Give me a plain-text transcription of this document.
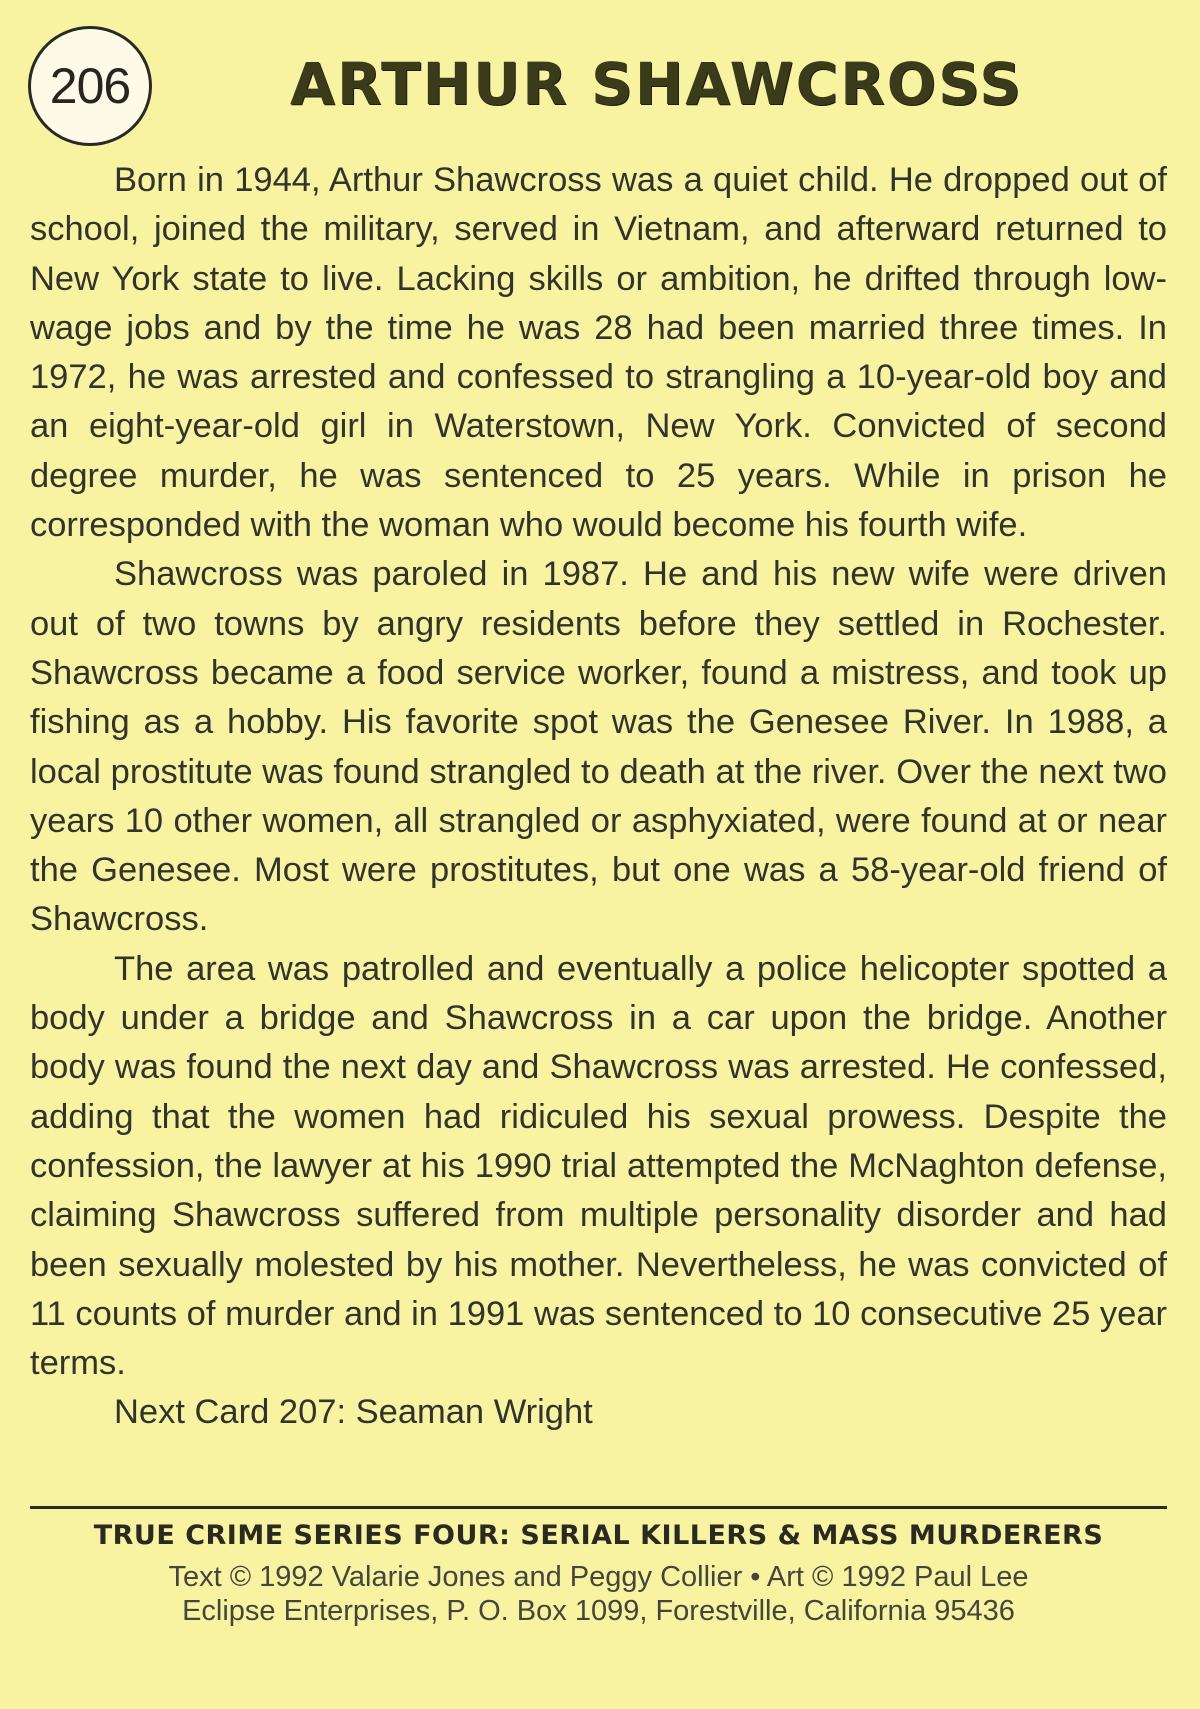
206	ARTHUR SHAWCROSS

Born in 1944, Arthur Shawcross was a quiet child. He dropped out of school, joined the military, served in Vietnam, and afterward returned to New York state to live. Lacking skills or ambition, he drifted through low-wage jobs and by the time he was 28 had been married three times. In 1972, he was arrested and confessed to strangling a 10-year-old boy and an eight-year-old girl in Waterstown, New York. Convicted of second degree murder, he was sentenced to 25 years. While in prison he corresponded with the woman who would become his fourth wife.

Shawcross was paroled in 1987. He and his new wife were driven out of two towns by angry residents before they settled in Rochester. Shawcross became a food service worker, found a mistress, and took up fishing as a hobby. His favorite spot was the Genesee River. In 1988, a local prostitute was found strangled to death at the river. Over the next two years 10 other women, all strangled or asphyxiated, were found at or near the Genesee. Most were prostitutes, but one was a 58-year-old friend of Shawcross.

The area was patrolled and eventually a police helicopter spotted a body under a bridge and Shawcross in a car upon the bridge. Another body was found the next day and Shawcross was arrested. He confessed, adding that the women had ridiculed his sexual prowess. Despite the confession, the lawyer at his 1990 trial attempted the McNaghton defense, claiming Shawcross suffered from multiple personality disorder and had been sexually molested by his mother. Nevertheless, he was convicted of 11 counts of murder and in 1991 was sentenced to 10 consecutive 25 year terms.

Next Card 207: Seaman Wright

TRUE CRIME SERIES FOUR: SERIAL KILLERS & MASS MURDERERS
Text © 1992 Valarie Jones and Peggy Collier • Art © 1992 Paul Lee
Eclipse Enterprises, P. O. Box 1099, Forestville, California 95436
